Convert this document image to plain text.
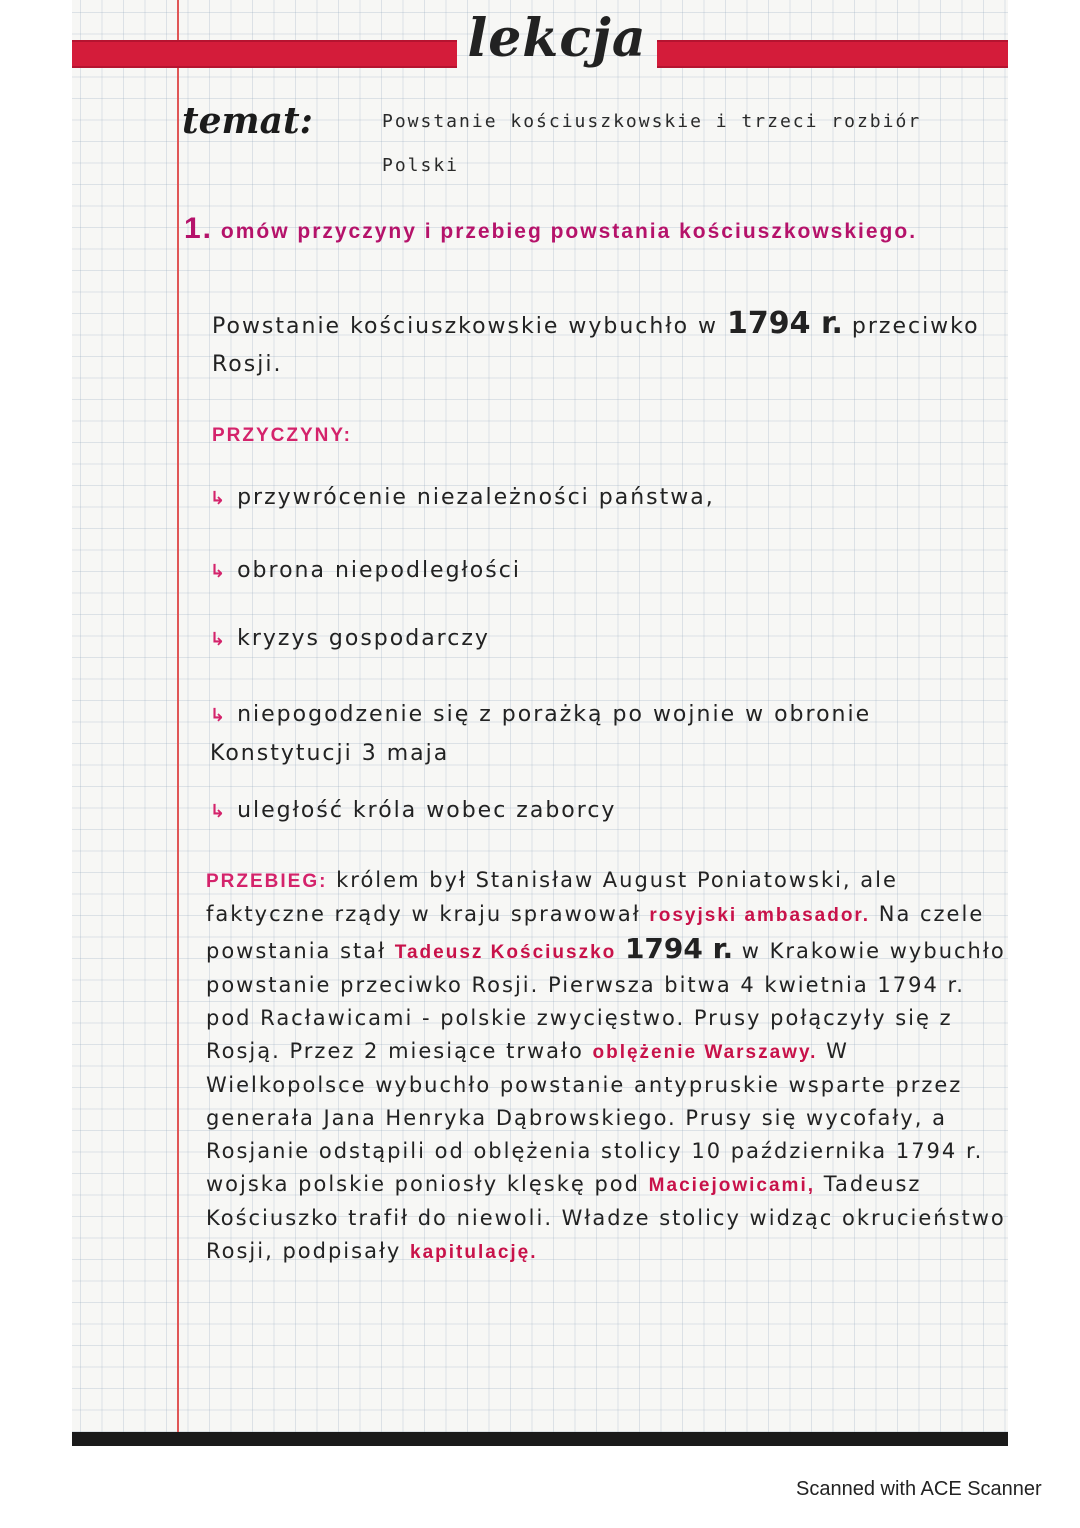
lekcja
temat:	Powstanie kościuszkowskie i trzeci rozbiór Polski
1. omów przyczyny i przebieg powstania kościuszkowskiego.
Powstanie kościuszkowskie wybuchło w 1794 r. przeciwko Rosji.
PRZYCZYNY:
↳ przywrócenie niezależności państwa,
↳ obrona niepodległości
↳ kryzys gospodarczy
↳ niepogodzenie się z porażką po wojnie w obronie Konstytucji 3 maja
↳ uległość króla wobec zaborcy
PRZEBIEG: królem był Stanisław August Poniatowski, ale faktyczne rządy w kraju sprawował rosyjski ambasador. Na czele powstania stał Tadeusz Kościuszko 1794 r. w Krakowie wybuchło powstanie przeciwko Rosji. Pierwsza bitwa 4 kwietnia 1794 r. pod Racławicami - polskie zwycięstwo. Prusy połączyły się z Rosją. Przez 2 miesiące trwało oblężenie Warszawy. W Wielkopolsce wybuchło powstanie antypruskie wsparte przez generała Jana Henryka Dąbrowskiego. Prusy się wycofały, a Rosjanie odstąpili od oblężenia stolicy 10 października 1794 r. wojska polskie poniosły klęskę pod Maciejowicami, Tadeusz Kościuszko trafił do niewoli. Władze stolicy widząc okrucieństwo Rosji, podpisały kapitulację.
Scanned with ACE Scanner
